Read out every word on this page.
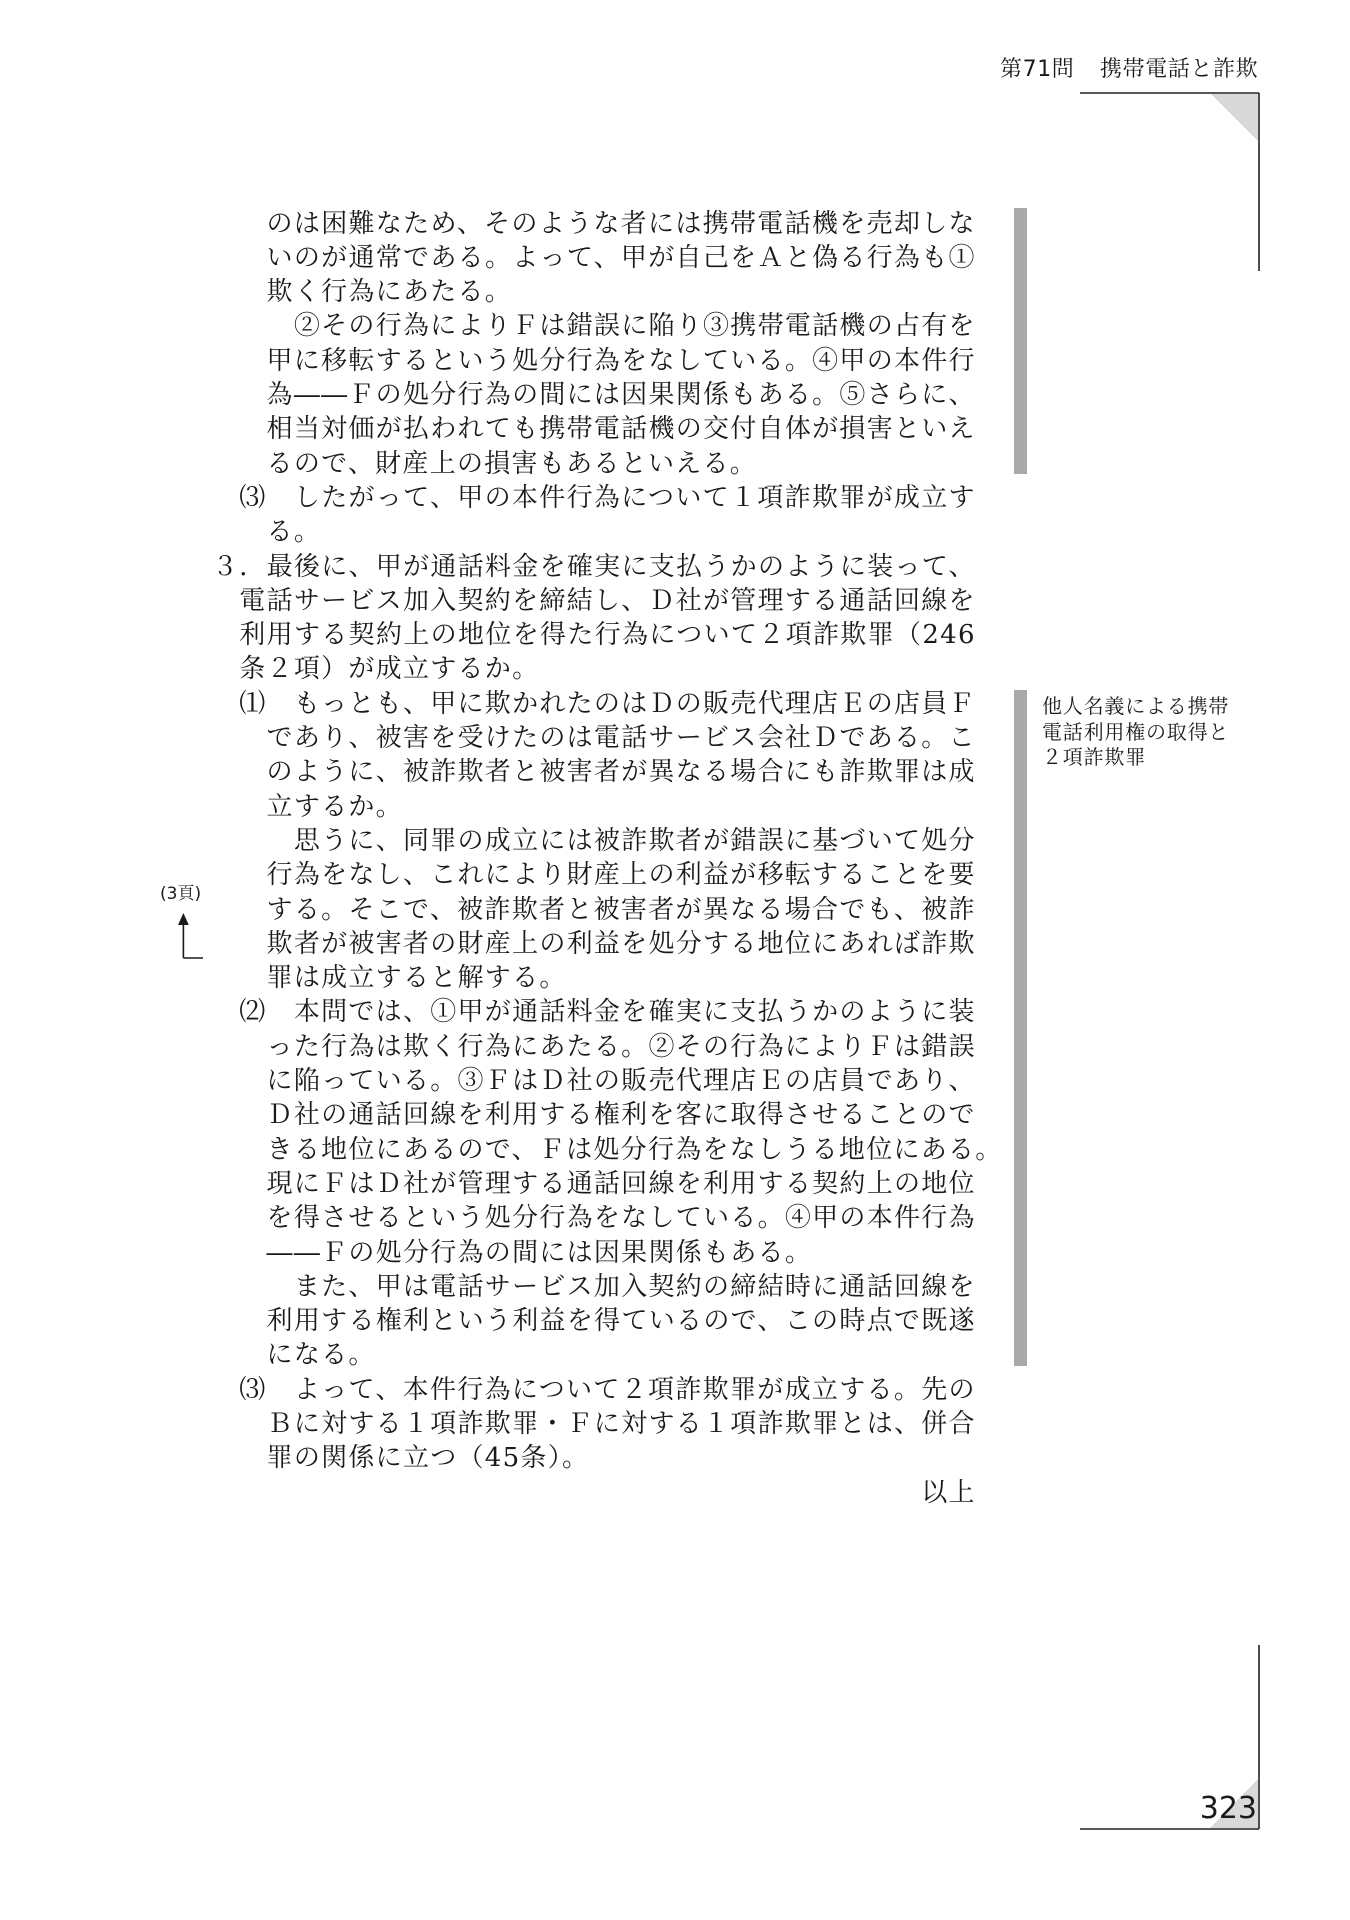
第71問 携帯電話と詐欺
のは困難なため、そのような者には携帯電話機を売却しな
いのが通常である。よって、甲が自己をＡと偽る行為も①
欺く行為にあたる。
②その行為によりＦは錯誤に陥り③携帯電話機の占有を
甲に移転するという処分行為をなしている。④甲の本件行
為――Ｆの処分行為の間には因果関係もある。⑤さらに、
相当対価が払われても携帯電話機の交付自体が損害といえ
るので、財産上の損害もあるといえる。
⑶　したがって、甲の本件行為について１項詐欺罪が成立す
る。
３．最後に、甲が通話料金を確実に支払うかのように装って、
電話サービス加入契約を締結し、Ｄ社が管理する通話回線を
利用する契約上の地位を得た行為について２項詐欺罪（246
条２項）が成立するか。
⑴　もっとも、甲に欺かれたのはＤの販売代理店Ｅの店員Ｆ
であり、被害を受けたのは電話サービス会社Ｄである。こ
のように、被詐欺者と被害者が異なる場合にも詐欺罪は成
立するか。
思うに、同罪の成立には被詐欺者が錯誤に基づいて処分
行為をなし、これにより財産上の利益が移転することを要
する。そこで、被詐欺者と被害者が異なる場合でも、被詐
欺者が被害者の財産上の利益を処分する地位にあれば詐欺
罪は成立すると解する。
⑵　本問では、①甲が通話料金を確実に支払うかのように装
った行為は欺く行為にあたる。②その行為によりＦは錯誤
に陥っている。③ＦはＤ社の販売代理店Ｅの店員であり、
Ｄ社の通話回線を利用する権利を客に取得させることので
きる地位にあるので、Ｆは処分行為をなしうる地位にある。
現にＦはＤ社が管理する通話回線を利用する契約上の地位
を得させるという処分行為をなしている。④甲の本件行為
――Ｆの処分行為の間には因果関係もある。
また、甲は電話サービス加入契約の締結時に通話回線を
利用する権利という利益を得ているので、この時点で既遂
になる。
⑶　よって、本件行為について２項詐欺罪が成立する。先の
Ｂに対する１項詐欺罪・Ｆに対する１項詐欺罪とは、併合
罪の関係に立つ（45条）。
以上
(3頁)
他人名義による携帯
電話利用権の取得と
２項詐欺罪
323
